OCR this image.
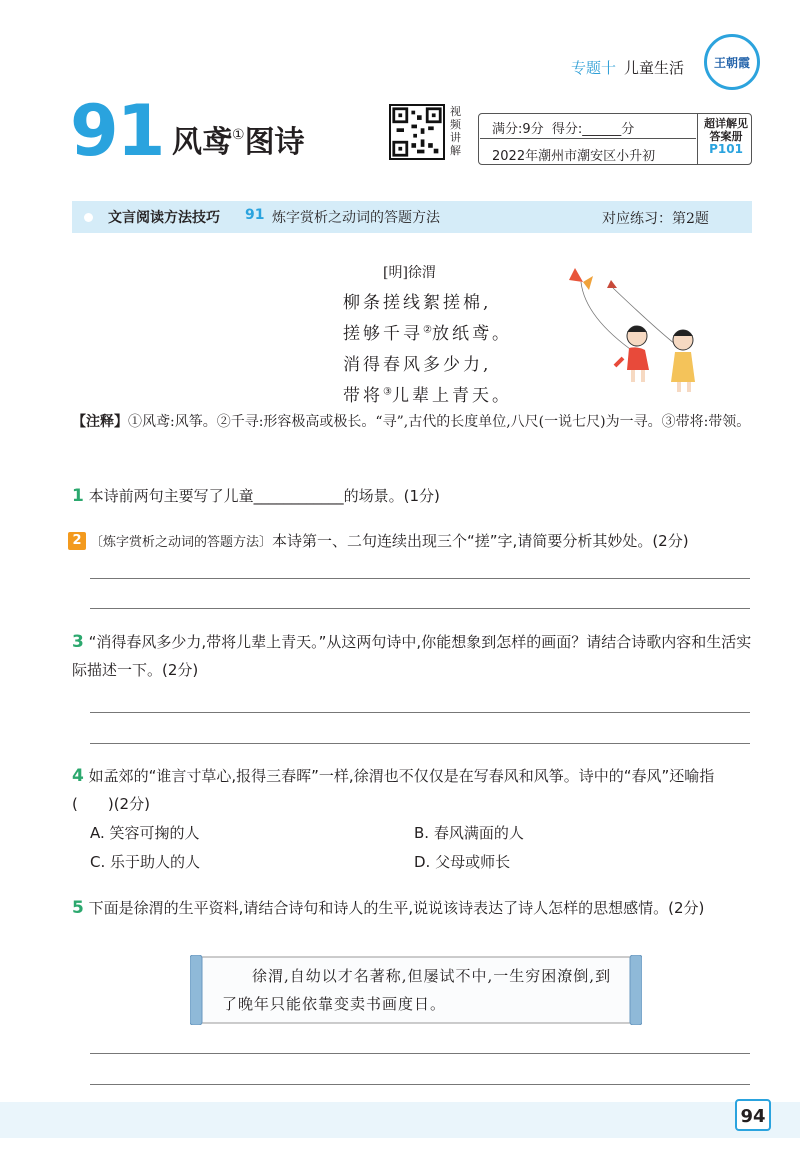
专题十 儿童生活 王朝霞
91 风鸢①图诗
视频讲解
满分:9分 得分:______分
2022年潮州市潮安区小升初
超详解见
答案册
P101
文言阅读方法技巧 91 炼字赏析之动词的答题方法	对应练习：第2题
[明]徐渭
柳条搓线絮搓棉,
搓够千寻②放纸鸢。
消得春风多少力,
带将③儿辈上青天。
【注释】①风鸢:风筝。②千寻:形容极高或极长。“寻”,古代的长度单位,八尺(一说七尺)为一寻。③带将:带领。
1 本诗前两句主要写了儿童____________的场景。(1分)
2 〔炼字赏析之动词的答题方法〕本诗第一、二句连续出现三个“搓”字,请简要分析其妙处。(2分)
3 “消得春风多少力,带将儿辈上青天。”从这两句诗中,你能想象到怎样的画面？请结合诗歌内容和生活实际描述一下。(2分)
4 如孟郊的“谁言寸草心,报得三春晖”一样,徐渭也不仅仅是在写春风和风筝。诗中的“春风”还喻指(　　)(2分)
A. 笑容可掬的人	B. 春风满面的人
C. 乐于助人的人	D. 父母或师长
5 下面是徐渭的生平资料,请结合诗句和诗人的生平,说说该诗表达了诗人怎样的思想感情。(2分)
徐渭,自幼以才名著称,但屡试不中,一生穷困潦倒,到了晚年只能依靠变卖书画度日。
94
